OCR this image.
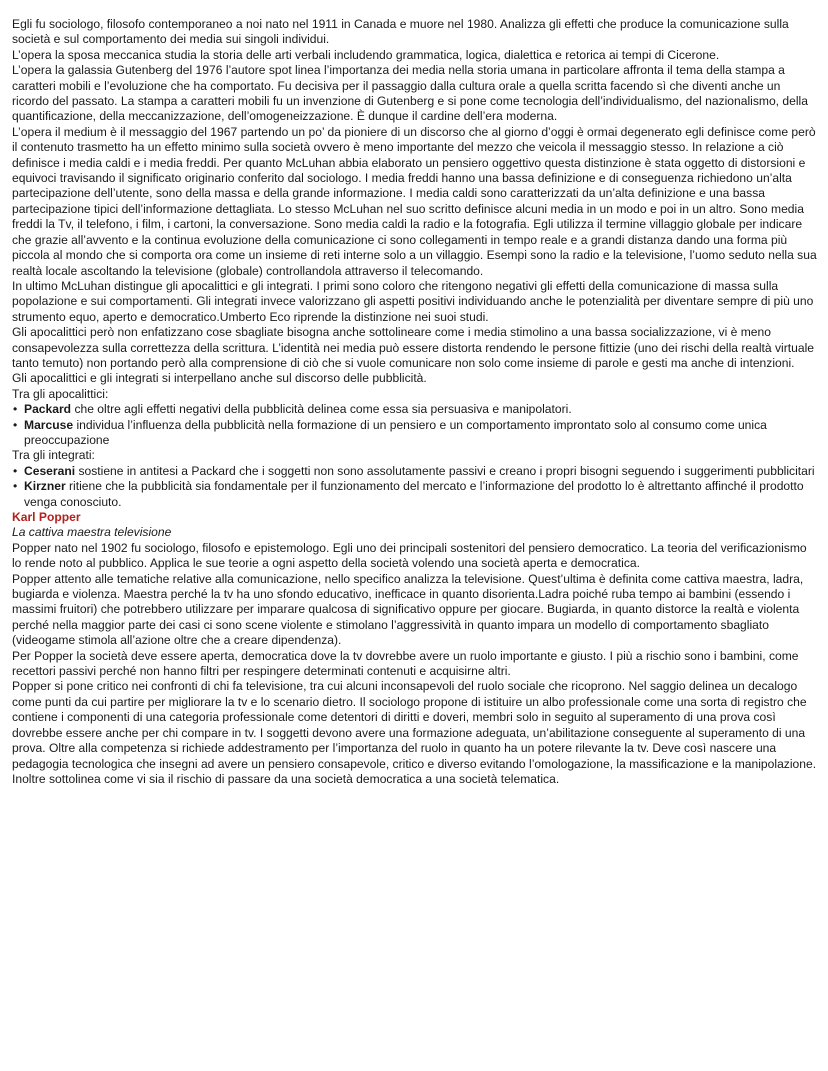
Egli fu sociologo, filosofo contemporaneo a noi nato nel 1911 in Canada e muore nel 1980. Analizza gli effetti che produce la comunicazione sulla società e sul comportamento dei media sui singoli individui.

L’opera la sposa meccanica studia la storia delle arti verbali includendo grammatica, logica, dialettica e retorica ai tempi di Cicerone.

L’opera la galassia Gutenberg del 1976 l’autore spot linea l’importanza dei media nella storia umana in particolare affronta il tema della stampa a caratteri mobili e l’evoluzione che ha comportato. Fu decisiva per il passaggio dalla cultura orale a quella scritta facendo sì che diventi anche un ricordo del passato. La stampa a caratteri mobili fu un invenzione di Gutenberg e si pone come tecnologia dell’individualismo, del nazionalismo, della quantificazione, della meccanizzazione, dell’omogeneizzazione. È dunque il cardine dell’era moderna.

L’opera il medium è il messaggio del 1967 partendo un po’ da pioniere di un discorso che al giorno d’oggi è ormai degenerato egli definisce come però il contenuto trasmetto ha un effetto minimo sulla società ovvero è meno importante del mezzo che veicola il messaggio stesso. In relazione a ciò definisce i media caldi e i media freddi. Per quanto McLuhan abbia elaborato un pensiero oggettivo questa distinzione è stata oggetto di distorsioni e equivoci travisando il significato originario conferito dal sociologo. I media freddi hanno una bassa definizione e di conseguenza richiedono un’alta partecipazione dell’utente, sono della massa e della grande informazione. I media caldi sono caratterizzati da un’alta definizione e una bassa partecipazione tipici dell’informazione dettagliata. Lo stesso McLuhan nel suo scritto definisce alcuni media in un modo e poi in un altro. Sono media freddi la Tv, il telefono, i film, i cartoni, la conversazione. Sono media caldi la radio e la fotografia. Egli utilizza il termine villaggio globale per indicare che grazie all’avvento e la continua evoluzione della comunicazione ci sono collegamenti in tempo reale e a grandi distanza dando una forma più piccola al mondo che si comporta ora come un insieme di reti interne solo a un villaggio. Esempi sono la radio e la televisione, l’uomo seduto nella sua realtà locale ascoltando la televisione (globale) controllandola attraverso il telecomando.

In ultimo McLuhan distingue gli apocalittici e gli integrati. I primi sono coloro che ritengono negativi gli effetti della comunicazione di massa sulla popolazione e sui comportamenti. Gli integrati invece valorizzano gli aspetti positivi individuando anche le potenzialità per diventare sempre di più uno strumento equo, aperto e democratico.Umberto Eco riprende la distinzione nei suoi studi.

Gli apocalittici però non enfatizzano cose sbagliate bisogna anche sottolineare come i media stimolino a una bassa socializzazione, vi è meno consapevolezza sulla correttezza della scrittura. L’identità nei media può essere distorta rendendo le persone fittizie (uno dei rischi della realtà virtuale tanto temuto) non portando però alla comprensione di ciò che si vuole comunicare non solo come insieme di parole e gesti ma anche di intenzioni.

Gli apocalittici e gli integrati si interpellano anche sul discorso delle pubblicità.

Tra gli apocalittici:

• Packard che oltre agli effetti negativi della pubblicità delinea come essa sia persuasiva e manipolatori.
• Marcuse individua l’influenza della pubblicità nella formazione di un pensiero e un comportamento improntato solo al consumo come unica preoccupazione

Tra gli integrati:

• Ceserani sostiene in antitesi a Packard che i soggetti non sono assolutamente passivi e creano i propri bisogni seguendo i suggerimenti pubblicitari
• Kirzner ritiene che la pubblicità sia fondamentale per il funzionamento del mercato e l’informazione del prodotto lo è altrettanto affinché il prodotto venga conosciuto.

Karl Popper

La cattiva maestra televisione

Popper nato nel 1902 fu sociologo, filosofo e epistemologo. Egli uno dei principali sostenitori del pensiero democratico. La teoria del verificazionismo lo rende noto al pubblico. Applica le sue teorie a ogni aspetto della società volendo una società aperta e democratica.

Popper attento alle tematiche relative alla comunicazione, nello specifico analizza la televisione. Quest’ultima è definita come cattiva maestra, ladra, bugiarda e violenza. Maestra perché la tv ha uno sfondo educativo, inefficace in quanto disorienta.Ladra poiché ruba tempo ai bambini (essendo i massimi fruitori) che potrebbero utilizzare per imparare qualcosa di significativo oppure per giocare. Bugiarda, in quanto distorce la realtà e violenta perché nella maggior parte dei casi ci sono scene violente e stimolano l’aggressività in quanto impara un modello di comportamento sbagliato (videogame stimola all’azione oltre che a creare dipendenza).

Per Popper la società deve essere aperta, democratica dove la tv dovrebbe avere un ruolo importante e giusto. I più a rischio sono i bambini, come recettori passivi perché non hanno filtri per respingere determinati contenuti e acquisirne altri.

Popper si pone critico nei confronti di chi fa televisione, tra cui alcuni inconsapevoli del ruolo sociale che ricoprono. Nel saggio delinea un decalogo come punti da cui partire per migliorare la tv e lo scenario dietro. Il sociologo propone di istituire un albo professionale come una sorta di registro che contiene i componenti di una categoria professionale come detentori di diritti e doveri, membri solo in seguito al superamento di una prova così dovrebbe essere anche per chi compare in tv. I soggetti devono avere una formazione adeguata, un’abilitazione conseguente al superamento di una prova. Oltre alla competenza si richiede addestramento per l’importanza del ruolo in quanto ha un potere rilevante la tv. Deve così nascere una pedagogia tecnologica che insegni ad avere un pensiero consapevole, critico e diverso evitando l’omologazione, la massificazione e la manipolazione. Inoltre sottolinea come vi sia il rischio di passare da una società democratica a una società telematica.
